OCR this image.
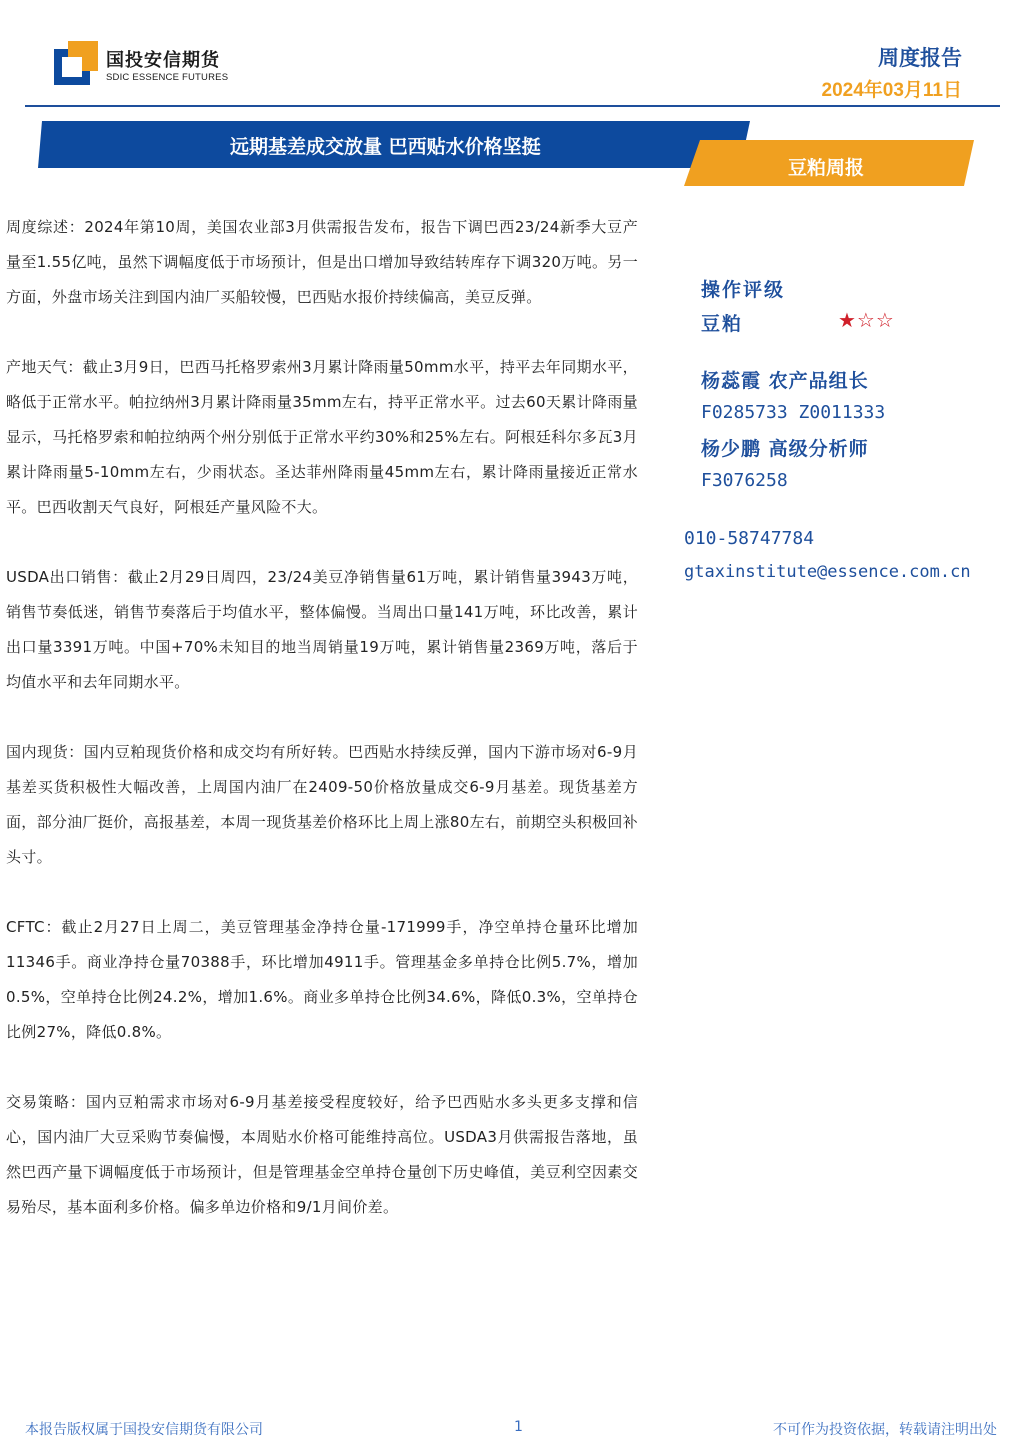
国投安信期货
SDIC ESSENCE FUTURES
周度报告
2024年03月11日
远期基差成交放量 巴西贴水价格坚挺
豆粕周报

周度综述：2024年第10周，美国农业部3月供需报告发布，报告下调巴西23/24新季大豆产量至1.55亿吨，虽然下调幅度低于市场预计，但是出口增加导致结转库存下调320万吨。另一方面，外盘市场关注到国内油厂买船较慢，巴西贴水报价持续偏高，美豆反弹。

产地天气：截止3月9日，巴西马托格罗索州3月累计降雨量50mm水平，持平去年同期水平，略低于正常水平。帕拉纳州3月累计降雨量35mm左右，持平正常水平。过去60天累计降雨量显示，马托格罗索和帕拉纳两个州分别低于正常水平约30%和25%左右。阿根廷科尔多瓦3月累计降雨量5-10mm左右，少雨状态。圣达菲州降雨量45mm左右，累计降雨量接近正常水平。巴西收割天气良好，阿根廷产量风险不大。

USDA出口销售：截止2月29日周四，23/24美豆净销售量61万吨，累计销售量3943万吨，销售节奏低迷，销售节奏落后于均值水平，整体偏慢。当周出口量141万吨，环比改善，累计出口量3391万吨。中国+70%未知目的地当周销量19万吨，累计销售量2369万吨，落后于均值水平和去年同期水平。

国内现货：国内豆粕现货价格和成交均有所好转。巴西贴水持续反弹，国内下游市场对6-9月基差买货积极性大幅改善，上周国内油厂在2409-50价格放量成交6-9月基差。现货基差方面，部分油厂挺价，高报基差，本周一现货基差价格环比上周上涨80左右，前期空头积极回补头寸。

CFTC：截止2月27日上周二，美豆管理基金净持仓量-171999手，净空单持仓量环比增加11346手。商业净持仓量70388手，环比增加4911手。管理基金多单持仓比例5.7%，增加0.5%，空单持仓比例24.2%，增加1.6%。商业多单持仓比例34.6%，降低0.3%，空单持仓比例27%，降低0.8%。

交易策略：国内豆粕需求市场对6-9月基差接受程度较好，给予巴西贴水多头更多支撑和信心，国内油厂大豆采购节奏偏慢，本周贴水价格可能维持高位。USDA3月供需报告落地，虽然巴西产量下调幅度低于市场预计，但是管理基金空单持仓量创下历史峰值，美豆利空因素交易殆尽，基本面利多价格。偏多单边价格和9/1月间价差。

操作评级
豆粕	★☆☆
杨蕊霞 农产品组长
F0285733 Z0011333
杨少鹏 高级分析师
F3076258
010-58747784
gtaxinstitute@essence.com.cn
本报告版权属于国投安信期货有限公司	1	不可作为投资依据，转载请注明出处
